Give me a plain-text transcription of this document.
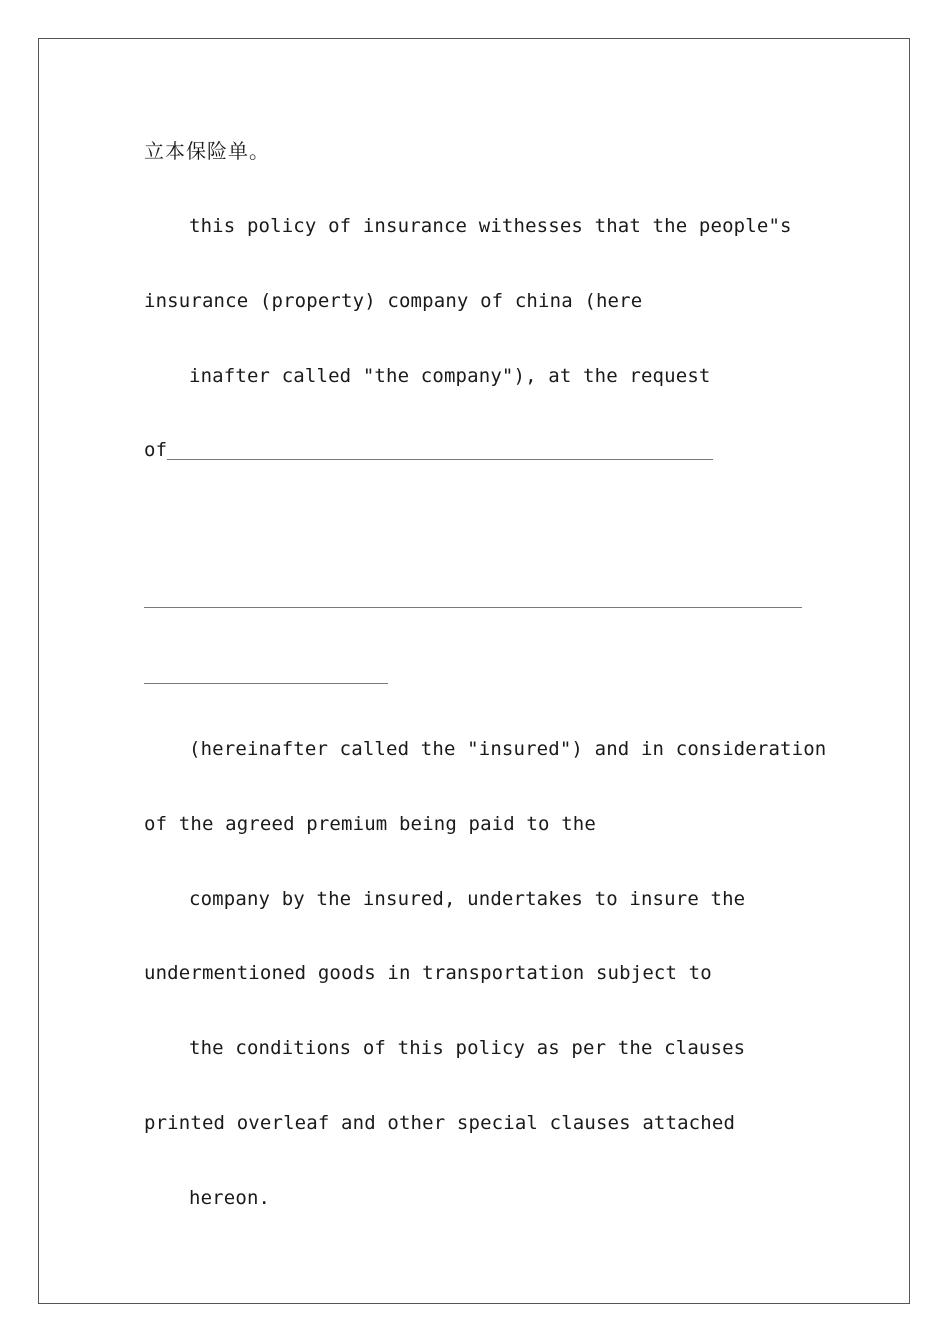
立本保险单。

this policy of insurance withesses that the people"s

insurance (property) company of china (here

inafter called "the company"), at the request

of

(hereinafter called the "insured") and in consideration

of the agreed premium being paid to the

company by the insured, undertakes to insure the

undermentioned goods in transportation subject to

the conditions of this policy as per the clauses

printed overleaf and other special clauses attached

hereon.
